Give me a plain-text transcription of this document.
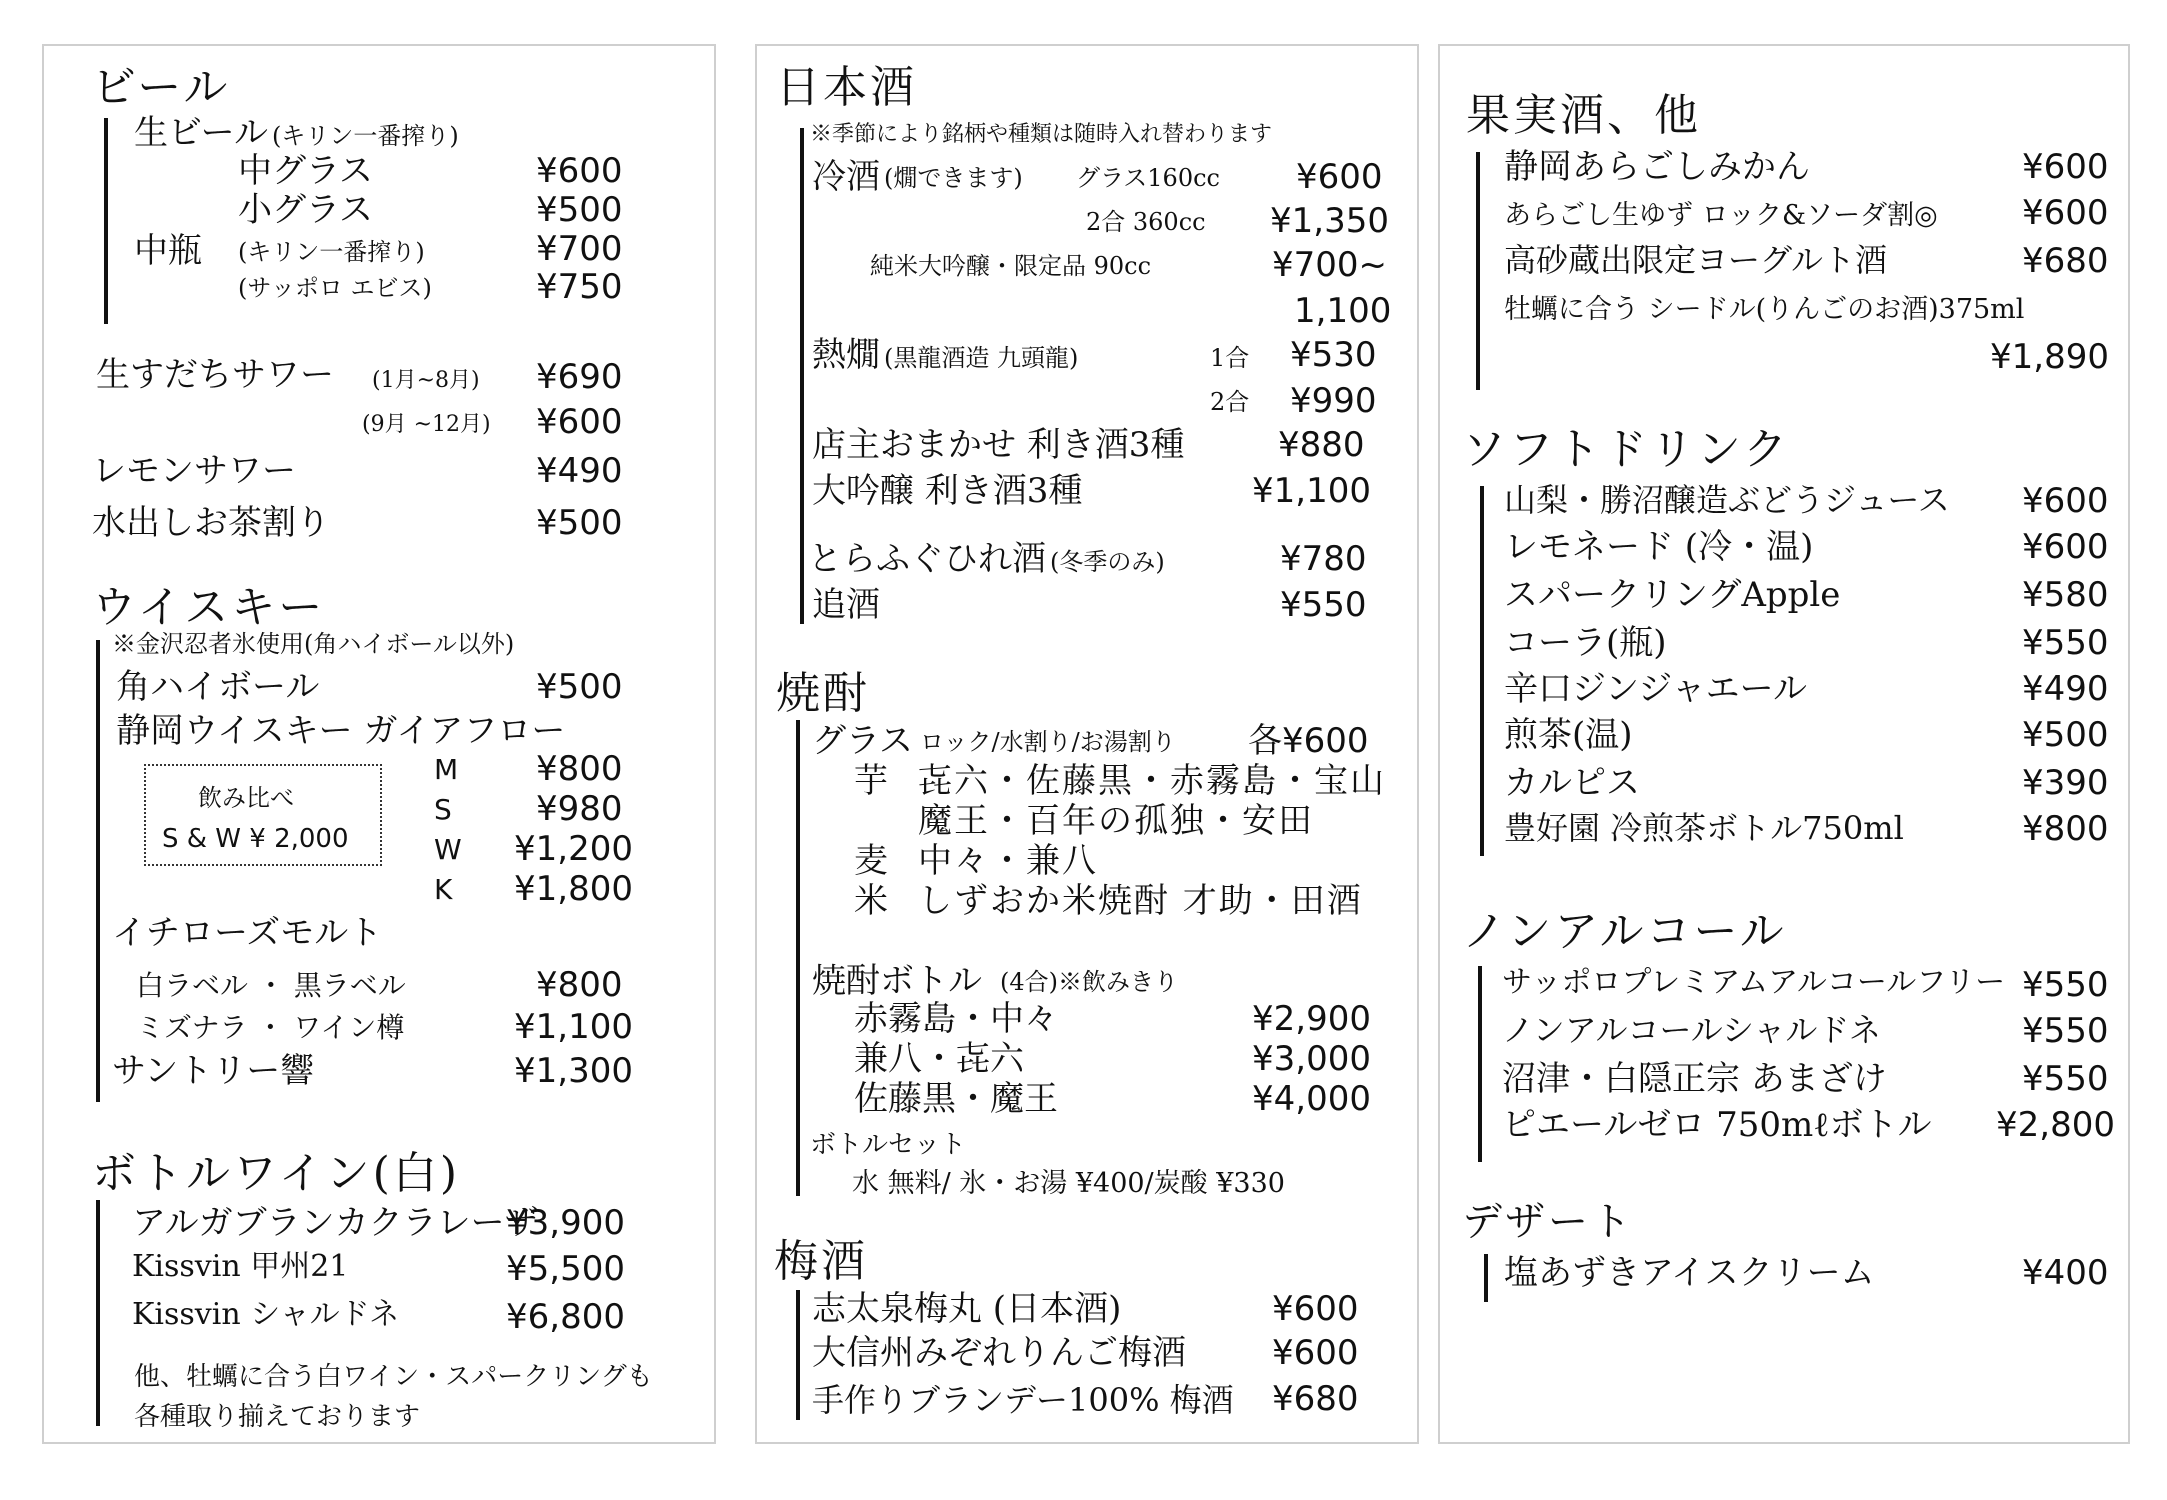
ビール
生ビール (キリン一番搾り)
中グラス	¥600
小グラス	¥500
中瓶 (キリン一番搾り)	¥700
(サッポロ エビス)	¥750
生すだちサワー (1月~8月) ¥690
(9月 ~12月) ¥600
レモンサワー	¥490
水出しお茶割り	¥500
ウイスキー
※金沢忍者氷使用(角ハイボール以外)
角ハイボール	¥500
静岡ウイスキー ガイアフロー
飲み比べ
S & W ¥ 2,000
M ¥800
S ¥980
W ¥1,200
K ¥1,800
イチローズモルト
白ラベル ・ 黒ラベル	¥800
ミズナラ ・ ワイン樽	¥1,100
サントリー響	¥1,300
ボトルワイン(白)
アルガブランカクラレーザ
¥3,900
Kissvin 甲州21	¥5,500
Kissvin シャルドネ	¥6,800
他、牡蠣に合う白ワイン・スパークリングも
各種取り揃えております
日本酒
※季節により銘柄や種類は随時入れ替わります
冷酒 (燗できます) グラス160cc ¥600
2合 360cc ¥1,350
純米大吟醸・限定品 90cc	¥700~
1,100
熱燗 (黒龍酒造 九頭龍)	1合 ¥530
2合 ¥990
店主おまかせ 利き酒3種	¥880
大吟醸 利き酒3種	¥1,100
とらふぐひれ酒 (冬季のみ)	¥780
追酒	¥550
焼酎
グラス ロック/水割り/お湯割り 各¥600
芋 㐂六・佐藤黒・赤霧島・宝山
魔王・百年の孤独・安田
麦 中々・兼八
米 しずおか米焼酎 才助・田酒
焼酎ボトル (4合)※飲みきり
赤霧島・中々	¥2,900
兼八・㐂六	¥3,000
佐藤黒・魔王	¥4,000
ボトルセット
水 無料/ 氷・お湯 ¥400/炭酸 ¥330
梅酒
志太泉梅丸 (日本酒)	¥600
大信州みぞれりんご梅酒	¥600
手作りブランデー100% 梅酒 ¥680
果実酒、他
静岡あらごしみかん	¥600
あらごし生ゆず ロック&ソーダ割◎ ¥600
高砂蔵出限定ヨーグルト酒	¥680
牡蠣に合う シードル(りんごのお酒)375ml
¥1,890
ソフトドリンク
山梨・勝沼醸造ぶどうジュース ¥600
レモネード (冷・温)	¥600
スパークリングApple	¥580
コーラ(瓶)	¥550
辛口ジンジャエール	¥490
煎茶(温)	¥500
カルピス	¥390
豊好園 冷煎茶ボトル750ml	¥800
ノンアルコール
サッポロプレミアムアルコールフリー ¥550
ノンアルコールシャルドネ	¥550
沼津・白隠正宗 あまざけ	¥550
ピエールゼロ 750mℓボトル ¥2,800
デザート
塩あずきアイスクリーム	¥400
